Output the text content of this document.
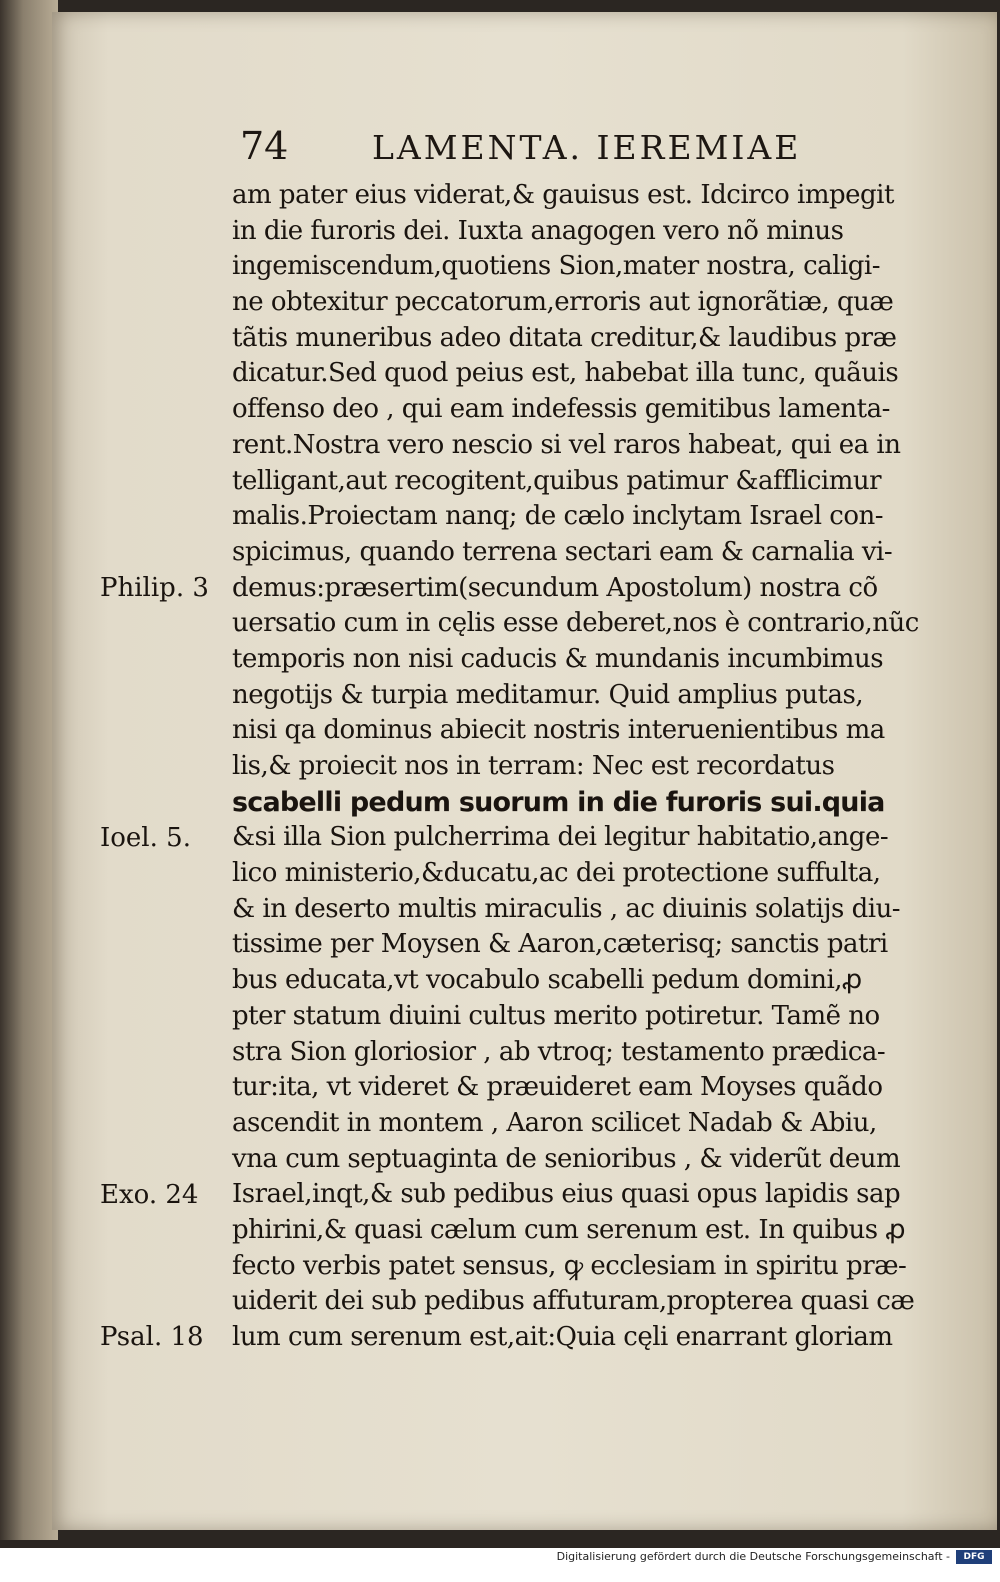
74	LAMENTA. IEREMIAE
am pater eius viderat,& gauisus est. Idcirco impegit
in die furoris dei. Iuxta anagogen vero nõ minus
ingemiscendum,quotiens Sion,mater nostra, caligi-
ne obtexitur peccatorum,erroris aut ignorãtiæ, quæ
tãtis muneribus adeo ditata creditur,& laudibus præ
dicatur.Sed quod peius est, habebat illa tunc, quãuis
offenso deo , qui eam indefessis gemitibus lamenta-
rent.Nostra vero nescio si vel raros habeat, qui ea in
telligant,aut recogitent,quibus patimur &afflicimur
malis.Proiectam nanq; de cælo inclytam Israel con-
spicimus, quando terrena sectari eam & carnalia vi-
demus:præsertim(secundum Apostolum) nostra cõ
uersatio cum in cęlis esse deberet,nos è contrario,nũc
temporis non nisi caducis & mundanis incumbimus
negotijs & turpia meditamur. Quid amplius putas,
nisi qa dominus abiecit nostris interuenientibus ma
lis,& proiecit nos in terram: Nec est recordatus
scabelli pedum suorum in die furoris sui.quia
&si illa Sion pulcherrima dei legitur habitatio,ange-
lico ministerio,&ducatu,ac dei protectione suffulta,
& in deserto multis miraculis , ac diuinis solatijs diu-
tissime per Moysen & Aaron,cæterisq; sanctis patri
bus educata,vt vocabulo scabelli pedum domini,ꝓ
pter statum diuini cultus merito potiretur. Tamẽ no
stra Sion gloriosior , ab vtroq; testamento prædica-
tur:ita, vt videret & præuideret eam Moyses quãdo
ascendit in montem , Aaron scilicet Nadab & Abiu,
vna cum septuaginta de senioribus , & viderũt deum
Israel,inqt,& sub pedibus eius quasi opus lapidis sap
phirini,& quasi cælum cum serenum est. In quibus ꝓ
fecto verbis patet sensus, ꝙ ecclesiam in spiritu præ-
uiderit dei sub pedibus affuturam,propterea quasi cæ
lum cum serenum est,ait:Quia cęli enarrant gloriam
Philip. 3
Ioel. 5.
Exo. 24
Psal. 18
Digitalisierung gefördert durch die Deutsche Forschungsgemeinschaft -	DFG
